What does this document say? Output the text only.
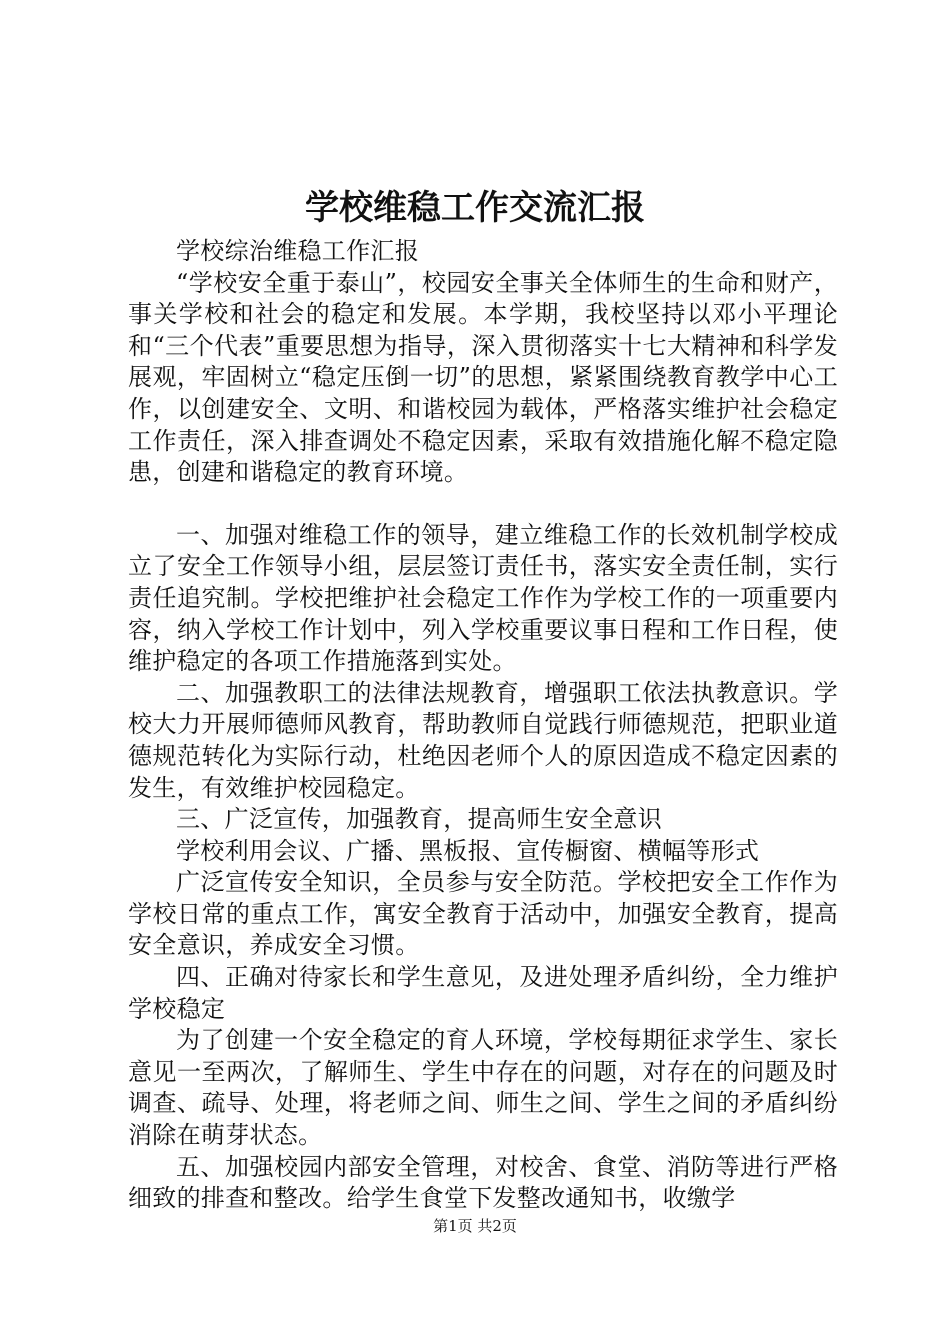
学校维稳工作交流汇报

学校综治维稳工作汇报

“学校安全重于泰山”，校园安全事关全体师生的生命和财产，事关学校和社会的稳定和发展。本学期，我校坚持以邓小平理论和“三个代表”重要思想为指导，深入贯彻落实十七大精神和科学发展观，牢固树立“稳定压倒一切”的思想，紧紧围绕教育教学中心工作，以创建安全、文明、和谐校园为载体，严格落实维护社会稳定工作责任，深入排查调处不稳定因素，采取有效措施化解不稳定隐患，创建和谐稳定的教育环境。

一、加强对维稳工作的领导，建立维稳工作的长效机制学校成立了安全工作领导小组，层层签订责任书，落实安全责任制，实行责任追究制。学校把维护社会稳定工作作为学校工作的一项重要内容，纳入学校工作计划中，列入学校重要议事日程和工作日程，使维护稳定的各项工作措施落到实处。

二、加强教职工的法律法规教育，增强职工依法执教意识。学校大力开展师德师风教育，帮助教师自觉践行师德规范，把职业道德规范转化为实际行动，杜绝因老师个人的原因造成不稳定因素的发生，有效维护校园稳定。

三、广泛宣传，加强教育，提高师生安全意识

学校利用会议、广播、黑板报、宣传橱窗、横幅等形式

广泛宣传安全知识，全员参与安全防范。学校把安全工作作为学校日常的重点工作，寓安全教育于活动中，加强安全教育，提高安全意识，养成安全习惯。

四、正确对待家长和学生意见，及进处理矛盾纠纷，全力维护学校稳定

为了创建一个安全稳定的育人环境，学校每期征求学生、家长意见一至两次，了解师生、学生中存在的问题，对存在的问题及时调查、疏导、处理，将老师之间、师生之间、学生之间的矛盾纠纷消除在萌芽状态。

五、加强校园内部安全管理，对校舍、食堂、消防等进行严格细致的排查和整改。给学生食堂下发整改通知书，收缴学

第1页 共2页
